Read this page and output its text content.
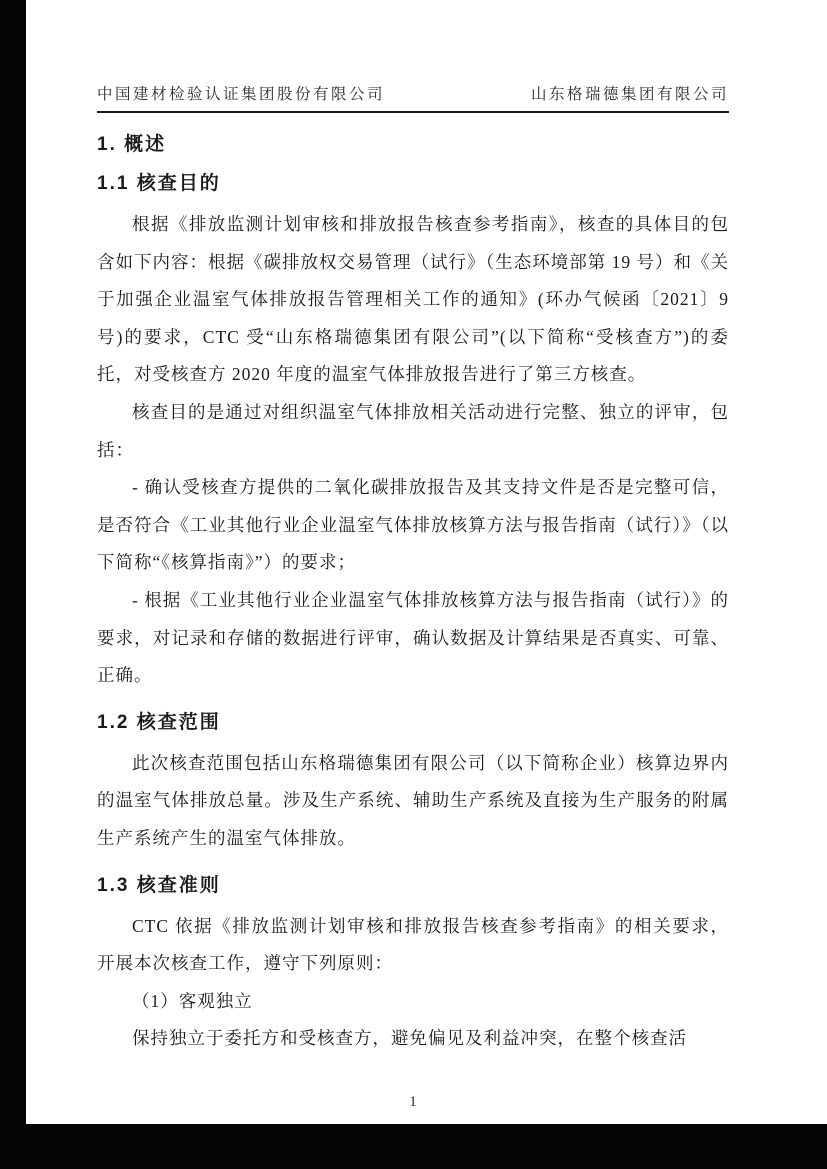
中国建材检验认证集团股份有限公司	山东格瑞德集团有限公司
1. 概述
1.1 核查目的

根据《排放监测计划审核和排放报告核查参考指南》，核查的具体目的包含如下内容：根据《碳排放权交易管理（试行》（生态环境部第 19 号）和《关于加强企业温室气体排放报告管理相关工作的通知》(环办气候函〔2021〕9 号)的要求，CTC 受“山东格瑞德集团有限公司”(以下简称“受核查方”)的委托，对受核查方 2020 年度的温室气体排放报告进行了第三方核查。

核查目的是通过对组织温室气体排放相关活动进行完整、独立的评审，包括：

- 确认受核查方提供的二氧化碳排放报告及其支持文件是否是完整可信，是否符合《工业其他行业企业温室气体排放核算方法与报告指南（试行）》（以下简称“《核算指南》”）的要求；

- 根据《工业其他行业企业温室气体排放核算方法与报告指南（试行）》的要求，对记录和存储的数据进行评审，确认数据及计算结果是否真实、可靠、正确。

1.2 核查范围

此次核查范围包括山东格瑞德集团有限公司（以下简称企业）核算边界内的温室气体排放总量。涉及生产系统、辅助生产系统及直接为生产服务的附属生产系统产生的温室气体排放。

1.3 核查准则

CTC 依据《排放监测计划审核和排放报告核查参考指南》的相关要求，开展本次核查工作，遵守下列原则：

（1）客观独立

保持独立于委托方和受核查方，避免偏见及利益冲突，在整个核查活

1
